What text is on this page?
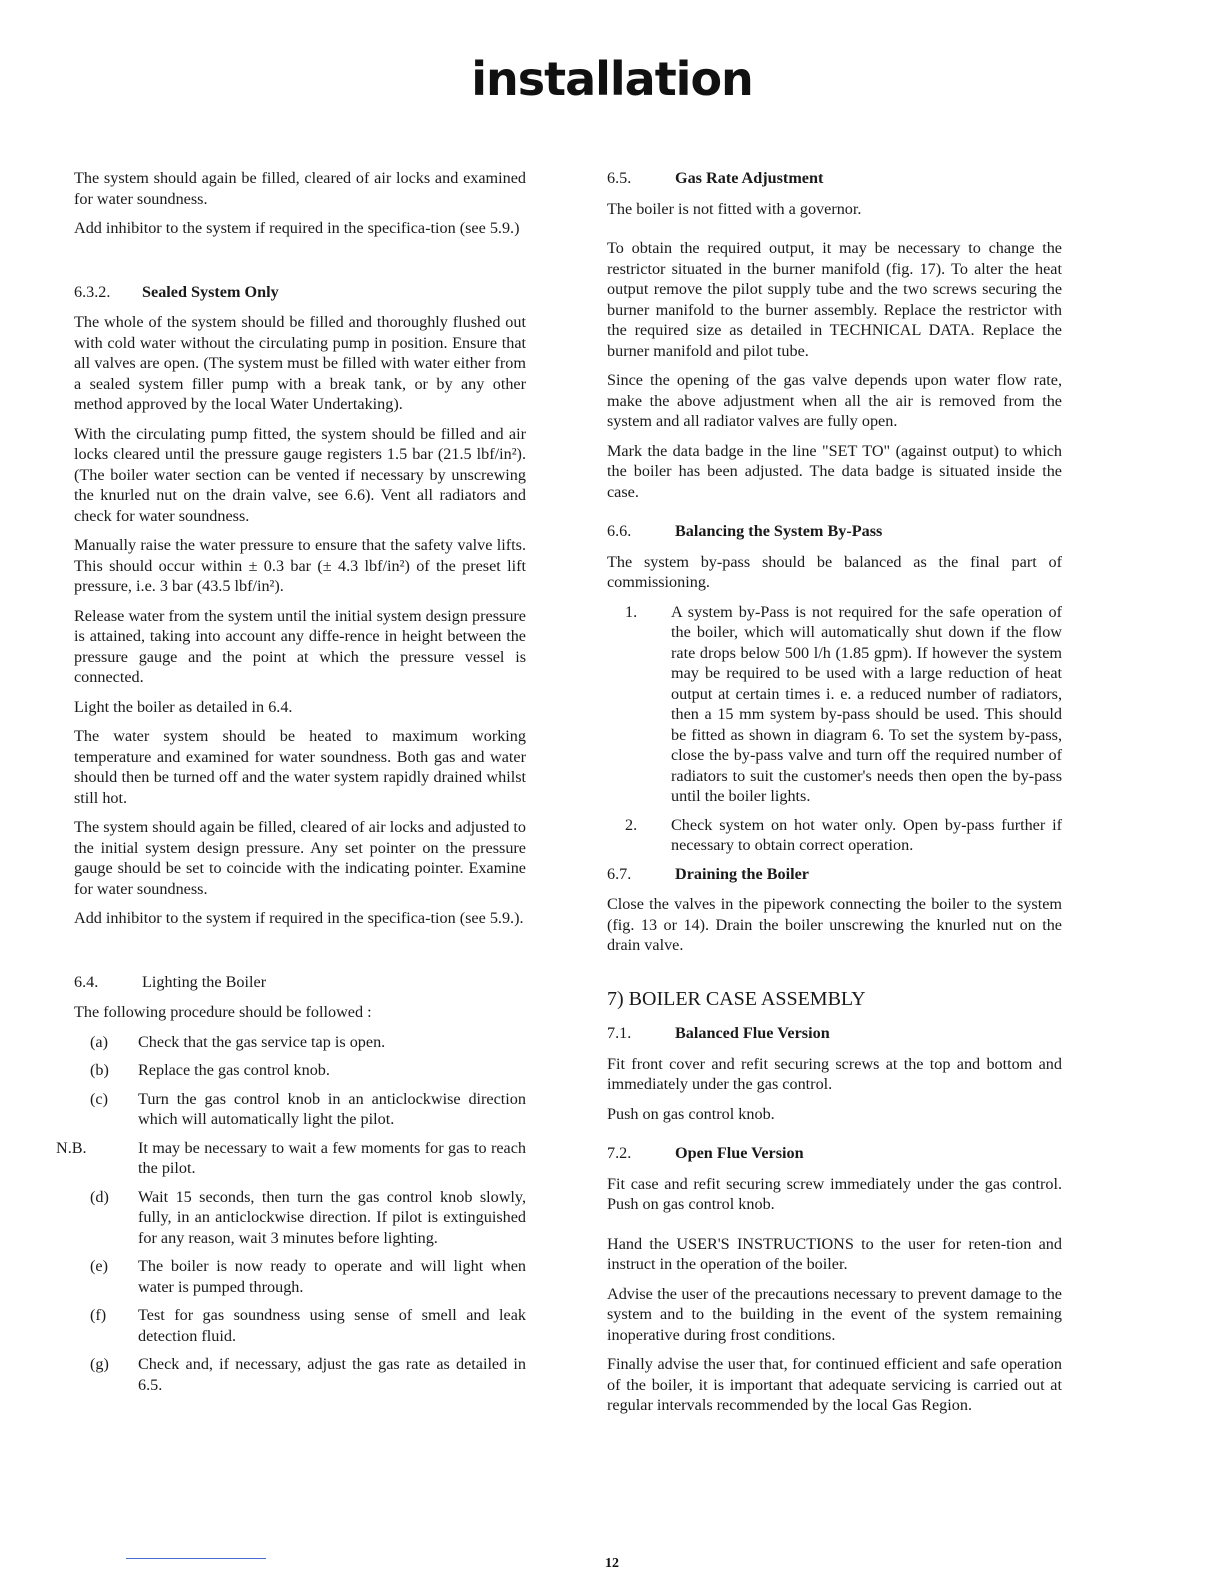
installation

The system should again be filled, cleared of air locks and examined for water soundness.

Add inhibitor to the system if required in the specifica-tion (see 5.9.)

6.3.2.	Sealed System Only

The whole of the system should be filled and thoroughly flushed out with cold water without the circulating pump in position. Ensure that all valves are open. (The system must be filled with water either from a sealed system filler pump with a break tank, or by any other method approved by the local Water Undertaking).

With the circulating pump fitted, the system should be filled and air locks cleared until the pressure gauge registers 1.5 bar (21.5 lbf/in²). (The boiler water section can be vented if necessary by unscrewing the knurled nut on the drain valve, see 6.6). Vent all radiators and check for water soundness.

Manually raise the water pressure to ensure that the safety valve lifts. This should occur within ± 0.3 bar (± 4.3 lbf/in²) of the preset lift pressure, i.e. 3 bar (43.5 lbf/in²).

Release water from the system until the initial system design pressure is attained, taking into account any diffe-rence in height between the pressure gauge and the point at which the pressure vessel is connected.

Light the boiler as detailed in 6.4.

The water system should be heated to maximum working temperature and examined for water soundness. Both gas and water should then be turned off and the water system rapidly drained whilst still hot.

The system should again be filled, cleared of air locks and adjusted to the initial system design pressure. Any set pointer on the pressure gauge should be set to coincide with the indicating pointer. Examine for water soundness.

Add inhibitor to the system if required in the specifica-tion (see 5.9.).

6.4.	Lighting the Boiler

The following procedure should be followed :

(a)	Check that the gas service tap is open.
(b)	Replace the gas control knob.
(c)	Turn the gas control knob in an anticlockwise direction which will automatically light the pilot.
N.B.	It may be necessary to wait a few moments for gas to reach the pilot.
(d)	Wait 15 seconds, then turn the gas control knob slowly, fully, in an anticlockwise direction. If pilot is extinguished for any reason, wait 3 minutes before lighting.
(e)	The boiler is now ready to operate and will light when water is pumped through.
(f)	Test for gas soundness using sense of smell and leak detection fluid.
(g)	Check and, if necessary, adjust the gas rate as detailed in 6.5.
6.5.	Gas Rate Adjustment

The boiler is not fitted with a governor.

To obtain the required output, it may be necessary to change the restrictor situated in the burner manifold (fig. 17). To alter the heat output remove the pilot supply tube and the two screws securing the burner manifold to the burner assembly. Replace the restrictor with the required size as detailed in TECHNICAL DATA. Replace the burner manifold and pilot tube.

Since the opening of the gas valve depends upon water flow rate, make the above adjustment when all the air is removed from the system and all radiator valves are fully open.

Mark the data badge in the line "SET TO" (against output) to which the boiler has been adjusted. The data badge is situated inside the case.

6.6.	Balancing the System By-Pass

The system by-pass should be balanced as the final part of commissioning.

1.	A system by-Pass is not required for the safe operation of the boiler, which will automatically shut down if the flow rate drops below 500 l/h (1.85 gpm). If however the system may be required to be used with a large reduction of heat output at certain times i. e. a reduced number of radiators, then a 15 mm system by-pass should be used. This should be fitted as shown in diagram 6. To set the system by-pass, close the by-pass valve and turn off the required number of radiators to suit the customer's needs then open the by-pass until the boiler lights.
2.	Check system on hot water only. Open by-pass further if necessary to obtain correct operation.
6.7.	Draining the Boiler

Close the valves in the pipework connecting the boiler to the system (fig. 13 or 14). Drain the boiler unscrewing the knurled nut on the drain valve.

7) BOILER CASE ASSEMBLY
7.1.	Balanced Flue Version

Fit front cover and refit securing screws at the top and bottom and immediately under the gas control.

Push on gas control knob.

7.2.	Open Flue Version

Fit case and refit securing screw immediately under the gas control. Push on gas control knob.

Hand the USER'S INSTRUCTIONS to the user for reten-tion and instruct in the operation of the boiler.

Advise the user of the precautions necessary to prevent damage to the system and to the building in the event of the system remaining inoperative during frost conditions.

Finally advise the user that, for continued efficient and safe operation of the boiler, it is important that adequate servicing is carried out at regular intervals recommended by the local Gas Region.

12
